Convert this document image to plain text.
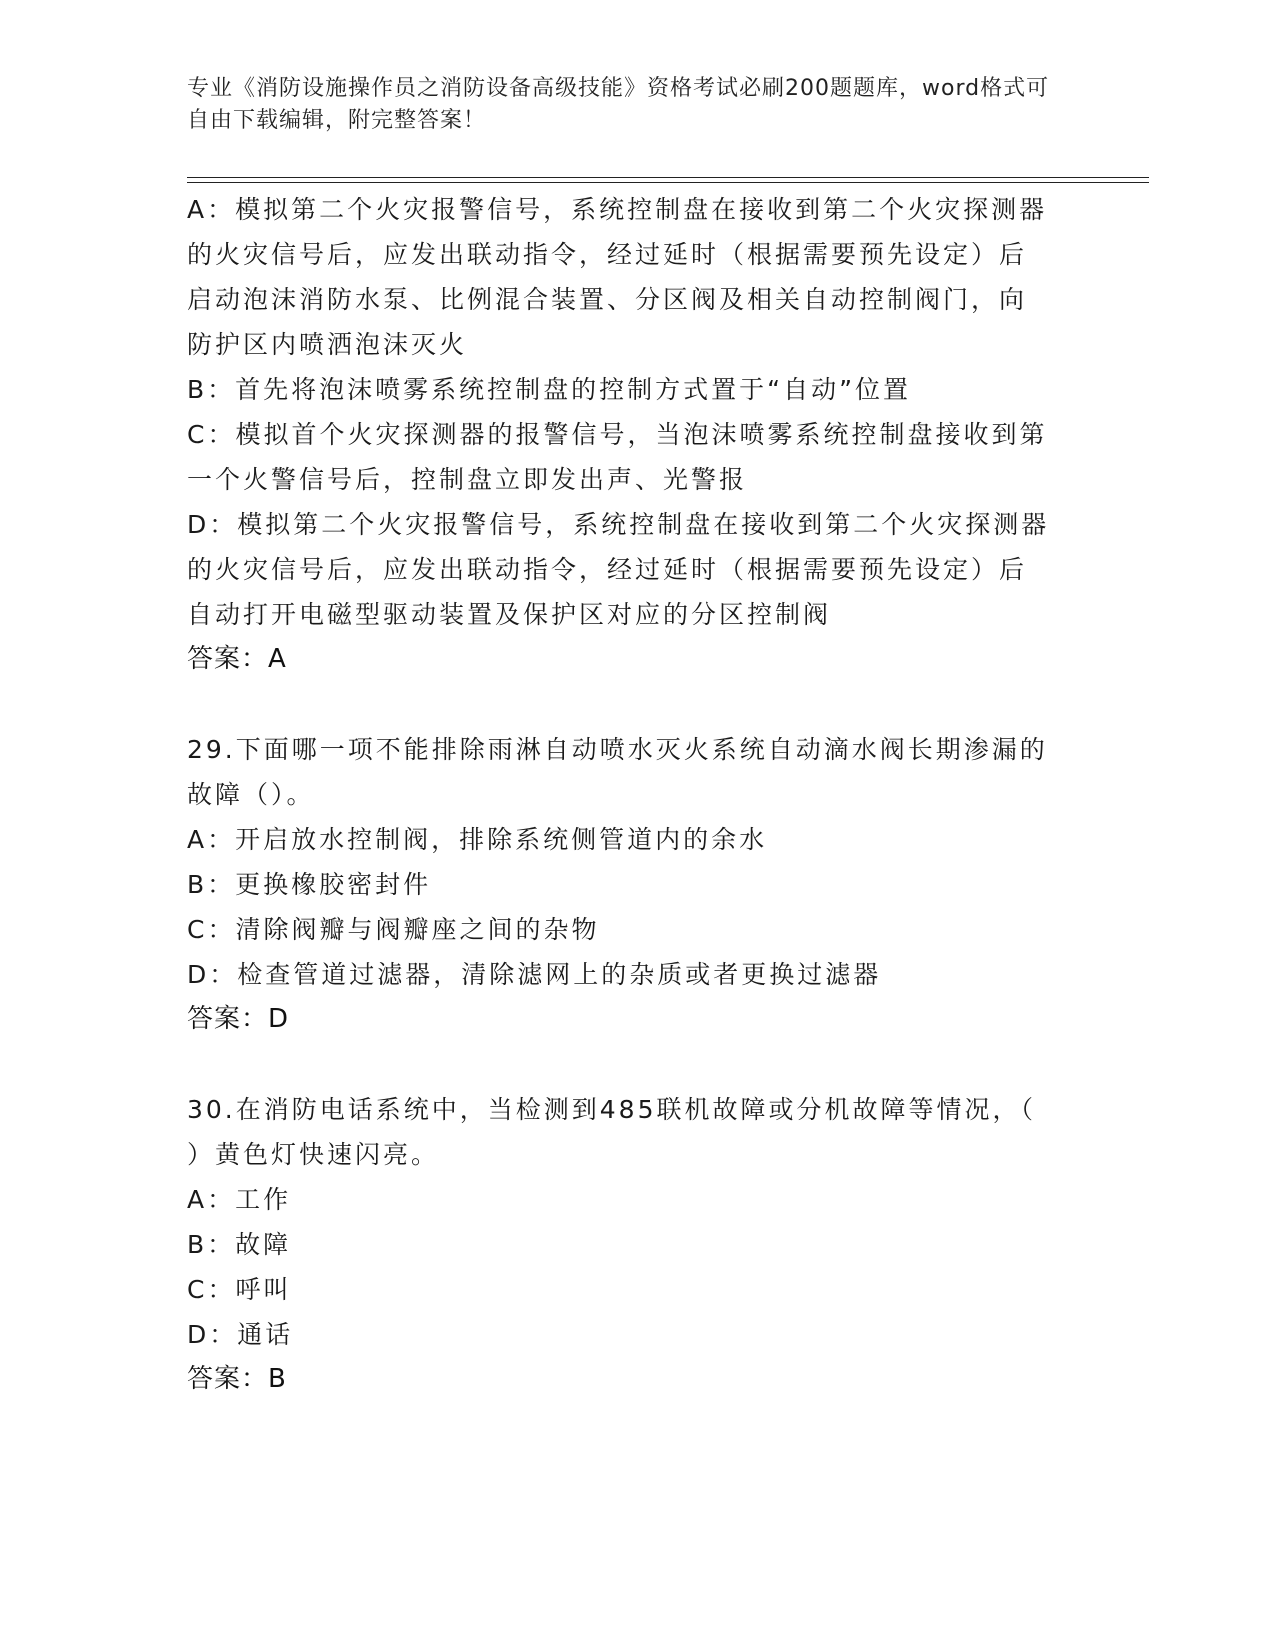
专业《消防设施操作员之消防设备高级技能》资格考试必刷200题题库，word格式可自由下载编辑，附完整答案！
A：模拟第二个火灾报警信号，系统控制盘在接收到第二个火灾探测器
的火灾信号后，应发出联动指令，经过延时（根据需要预先设定）后
启动泡沫消防水泵、比例混合装置、分区阀及相关自动控制阀门，向
防护区内喷洒泡沫灭火
B：首先将泡沫喷雾系统控制盘的控制方式置于“自动”位置
C：模拟首个火灾探测器的报警信号，当泡沫喷雾系统控制盘接收到第
一个火警信号后，控制盘立即发出声、光警报
D：模拟第二个火灾报警信号，系统控制盘在接收到第二个火灾探测器
的火灾信号后，应发出联动指令，经过延时（根据需要预先设定）后
自动打开电磁型驱动装置及保护区对应的分区控制阀
答案：A
29.下面哪一项不能排除雨淋自动喷水灭火系统自动滴水阀长期渗漏的
故障（）。
A：开启放水控制阀，排除系统侧管道内的余水
B：更换橡胶密封件
C：清除阀瓣与阀瓣座之间的杂物
D：检查管道过滤器，清除滤网上的杂质或者更换过滤器
答案：D
30.在消防电话系统中，当检测到485联机故障或分机故障等情况，（
）黄色灯快速闪亮。
A：工作
B：故障
C：呼叫
D：通话
答案：B
